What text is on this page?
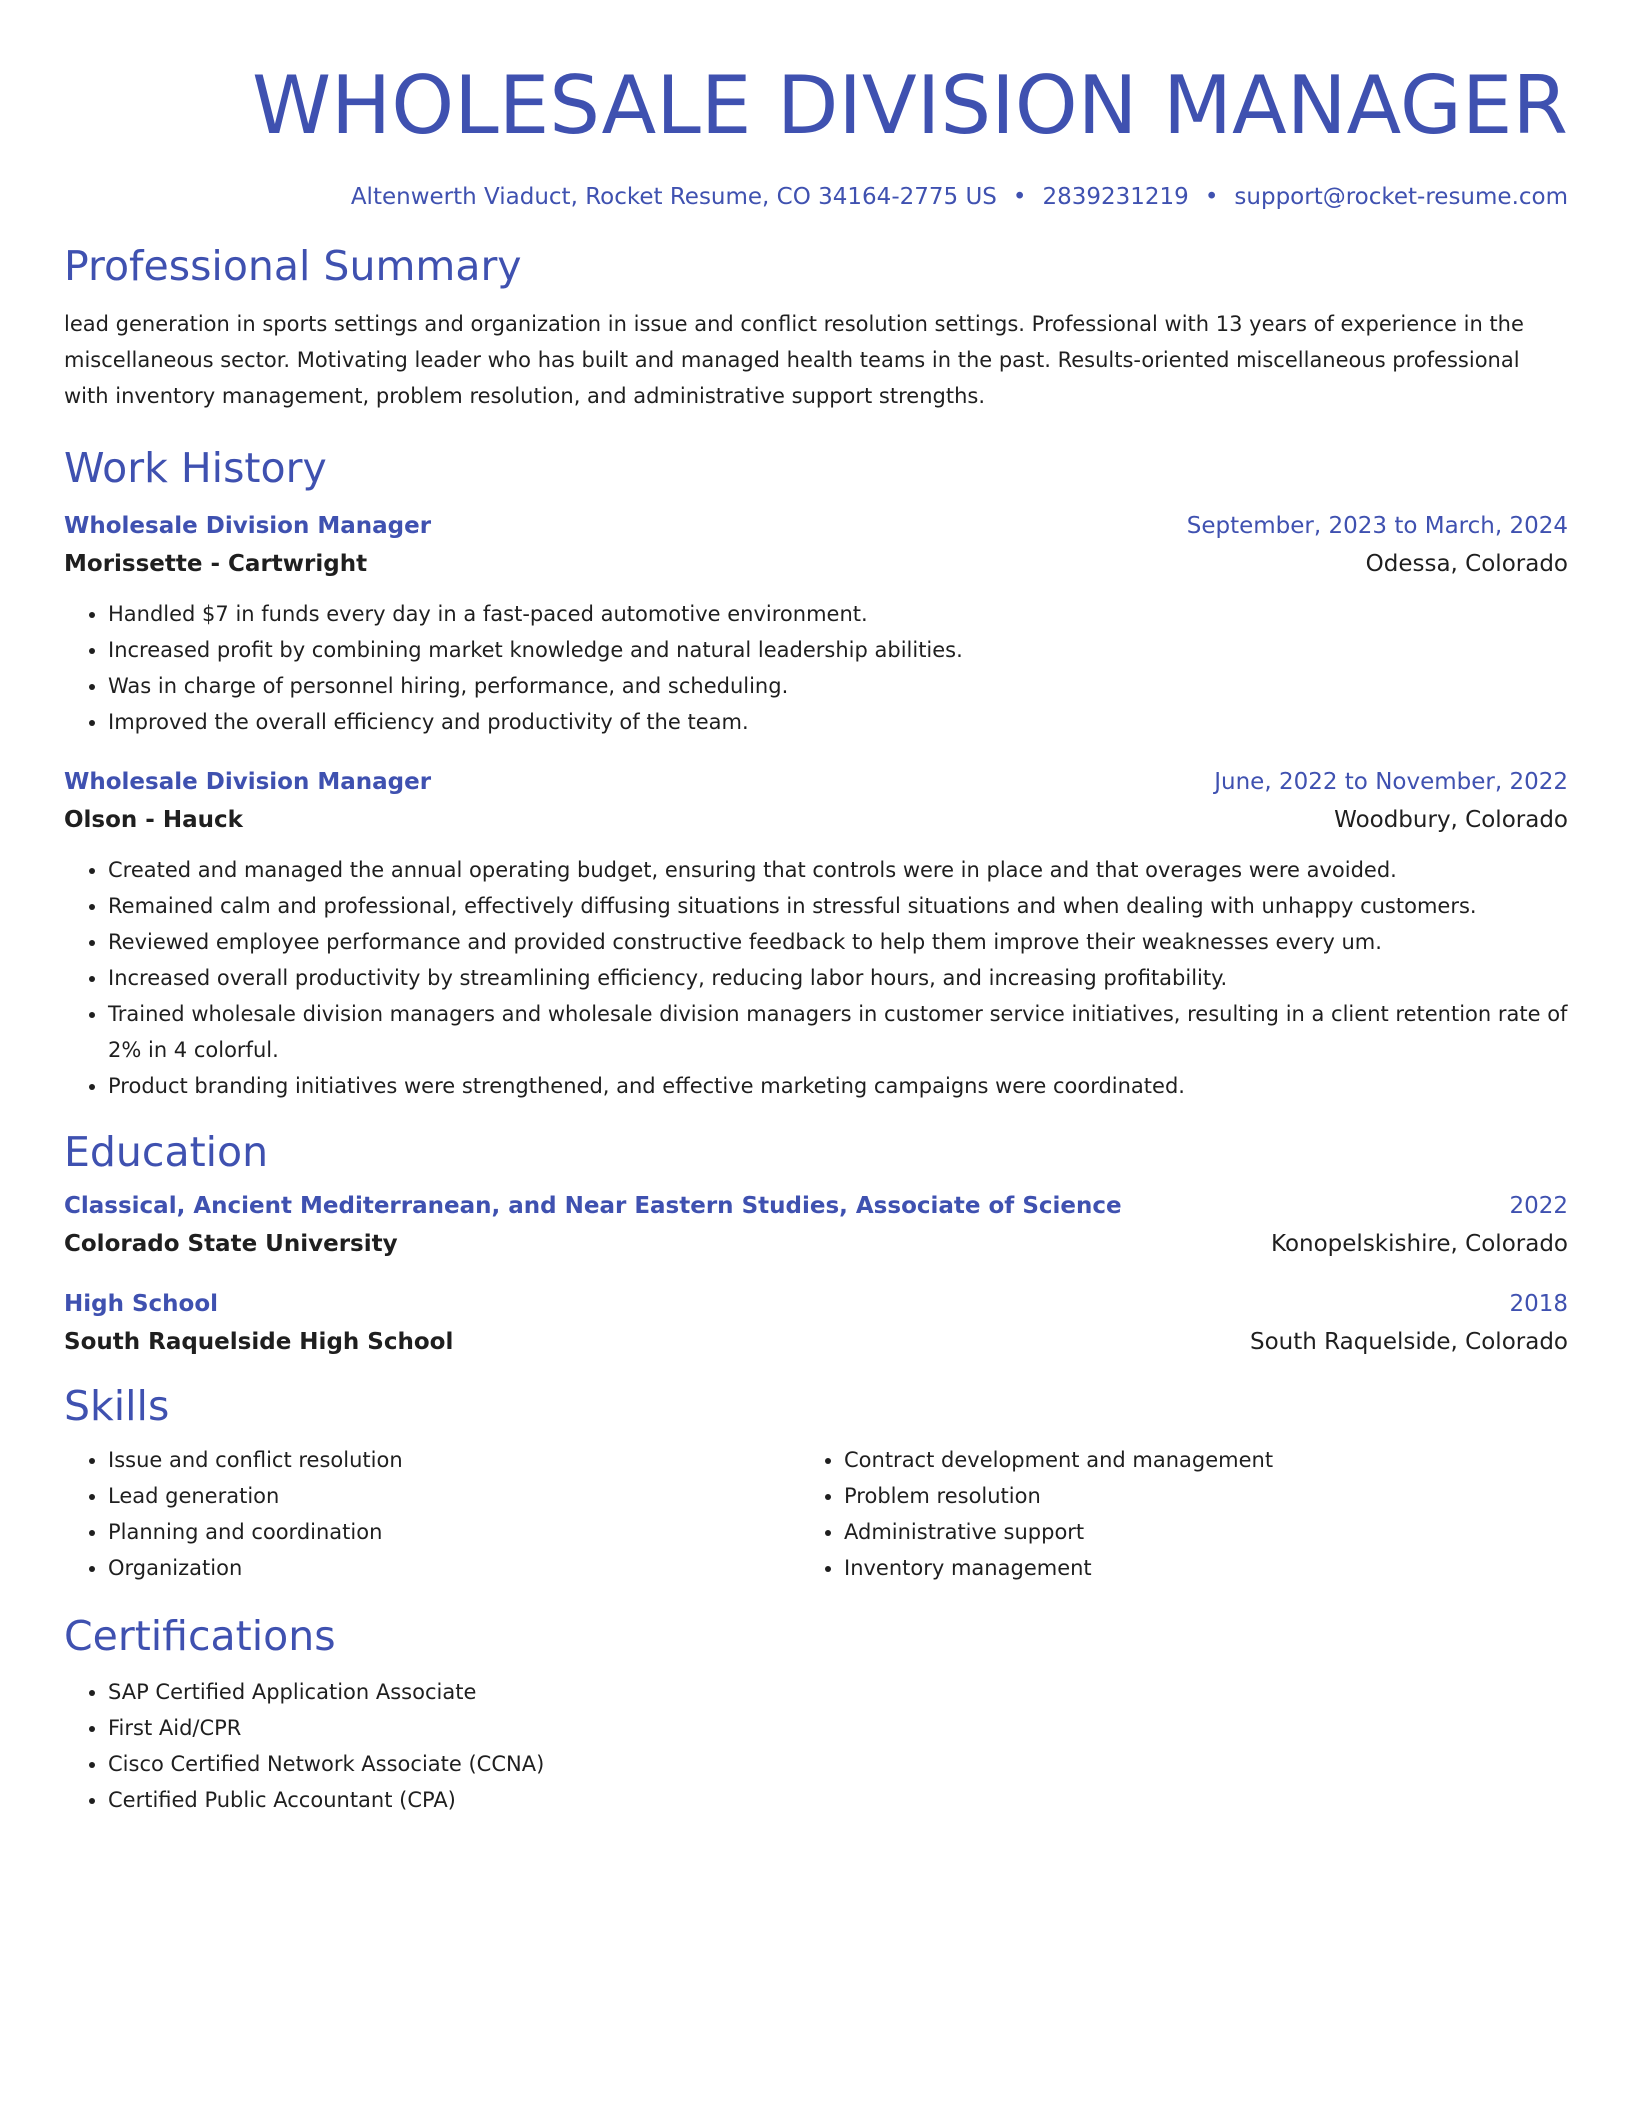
WHOLESALE DIVISION MANAGER
Altenwerth Viaduct, Rocket Resume, CO 34164-2775 US • 2839231219 • support@rocket-resume.com
Professional Summary

lead generation in sports settings and organization in issue and conflict resolution settings. Professional with 13 years of experience in the miscellaneous sector. Motivating leader who has built and managed health teams in the past. Results-oriented miscellaneous professional with inventory management, problem resolution, and administrative support strengths.

Work History
Wholesale Division Manager	September, 2023 to March, 2024
Morissette - Cartwright	Odessa, Colorado
• Handled $7 in funds every day in a fast-paced automotive environment.
• Increased profit by combining market knowledge and natural leadership abilities.
• Was in charge of personnel hiring, performance, and scheduling.
• Improved the overall efficiency and productivity of the team.
Wholesale Division Manager	June, 2022 to November, 2022
Olson - Hauck	Woodbury, Colorado
• Created and managed the annual operating budget, ensuring that controls were in place and that overages were avoided.
• Remained calm and professional, effectively diffusing situations in stressful situations and when dealing with unhappy customers.
• Reviewed employee performance and provided constructive feedback to help them improve their weaknesses every um.
• Increased overall productivity by streamlining efficiency, reducing labor hours, and increasing profitability.
• Trained wholesale division managers and wholesale division managers in customer service initiatives, resulting in a client retention rate of 2% in 4 colorful.
• Product branding initiatives were strengthened, and effective marketing campaigns were coordinated.
Education
Classical, Ancient Mediterranean, and Near Eastern Studies, Associate of Science	2022
Colorado State University	Konopelskishire, Colorado
High School	2018
South Raquelside High School	South Raquelside, Colorado
Skills
• Issue and conflict resolution
• Lead generation
• Planning and coordination
• Organization
• Contract development and management
• Problem resolution
• Administrative support
• Inventory management
Certifications
• SAP Certified Application Associate
• First Aid/CPR
• Cisco Certified Network Associate (CCNA)
• Certified Public Accountant (CPA)
